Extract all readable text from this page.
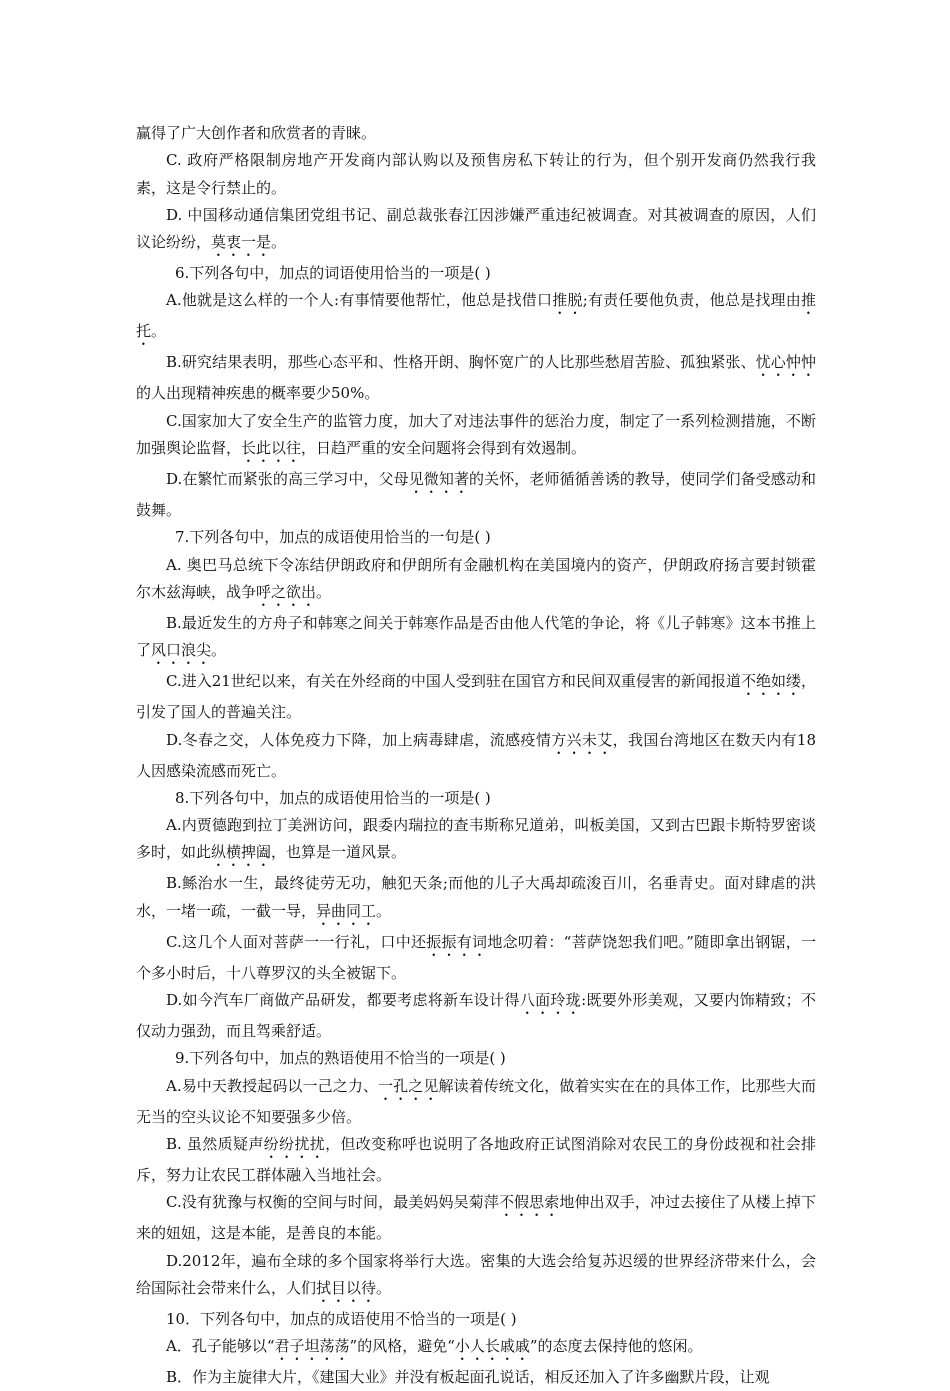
赢得了广大创作者和欣赏者的青睐。

C. 政府严格限制房地产开发商内部认购以及预售房私下转让的行为，但个别开发商仍然我行我素，这是令行禁止的。

D. 中国移动通信集团党组书记、副总裁张春江因涉嫌严重违纪被调查。对其被调查的原因，人们议论纷纷，莫衷一是。

6.下列各句中，加点的词语使用恰当的一项是( )

A.他就是这么样的一个人:有事情要他帮忙，他总是找借口推脱;有责任要他负责，他总是找理由推托。

B.研究结果表明，那些心态平和、性格开朗、胸怀宽广的人比那些愁眉苦脸、孤独紧张、忧心忡忡的人出现精神疾患的概率要少50%。

C.国家加大了安全生产的监管力度，加大了对违法事件的惩治力度，制定了一系列检测措施，不断加强舆论监督，长此以往，日趋严重的安全问题将会得到有效遏制。

D.在繁忙而紧张的高三学习中，父母见微知著的关怀，老师循循善诱的教导，使同学们备受感动和鼓舞。

7.下列各句中，加点的成语使用恰当的一句是( )

A. 奥巴马总统下令冻结伊朗政府和伊朗所有金融机构在美国境内的资产，伊朗政府扬言要封锁霍尔木兹海峡，战争呼之欲出。

B.最近发生的方舟子和韩寒之间关于韩寒作品是否由他人代笔的争论，将《儿子韩寒》这本书推上了风口浪尖。

C.进入21世纪以来，有关在外经商的中国人受到驻在国官方和民间双重侵害的新闻报道不绝如缕，引发了国人的普遍关注。

D.冬春之交，人体免疫力下降，加上病毒肆虐，流感疫情方兴未艾，我国台湾地区在数天内有18人因感染流感而死亡。

8.下列各句中，加点的成语使用恰当的一项是( )

A.内贾德跑到拉丁美洲访问，跟委内瑞拉的查韦斯称兄道弟，叫板美国，又到古巴跟卡斯特罗密谈多时，如此纵横捭阖，也算是一道风景。

B.鲧治水一生，最终徒劳无功，触犯天条;而他的儿子大禹却疏浚百川，名垂青史。面对肆虐的洪水，一堵一疏，一截一导，异曲同工。

C.这几个人面对菩萨一一行礼，口中还振振有词地念叨着：“菩萨饶恕我们吧。”随即拿出钢锯，一个多小时后，十八尊罗汉的头全被锯下。

D.如今汽车厂商做产品研发，都要考虑将新车设计得八面玲珑:既要外形美观，又要内饰精致；不仅动力强劲，而且驾乘舒适。

9.下列各句中，加点的熟语使用不恰当的一项是( )

A.易中天教授起码以一己之力、一孔之见解读着传统文化，做着实实在在的具体工作，比那些大而无当的空头议论不知要强多少倍。

B. 虽然质疑声纷纷扰扰，但改变称呼也说明了各地政府正试图消除对农民工的身份歧视和社会排斥，努力让农民工群体融入当地社会。

C.没有犹豫与权衡的空间与时间，最美妈妈吴菊萍不假思索地伸出双手，冲过去接住了从楼上掉下来的妞妞，这是本能，是善良的本能。

D.2012年，遍布全球的多个国家将举行大选。密集的大选会给复苏迟缓的世界经济带来什么，会给国际社会带来什么，人们拭目以待。

10．下列各句中，加点的成语使用不恰当的一项是( )

A．孔子能够以“君子坦荡荡”的风格，避免“小人长戚戚”的态度去保持他的悠闲。

B．作为主旋律大片，《建国大业》并没有板起面孔说话，相反还加入了许多幽默片段，让观
